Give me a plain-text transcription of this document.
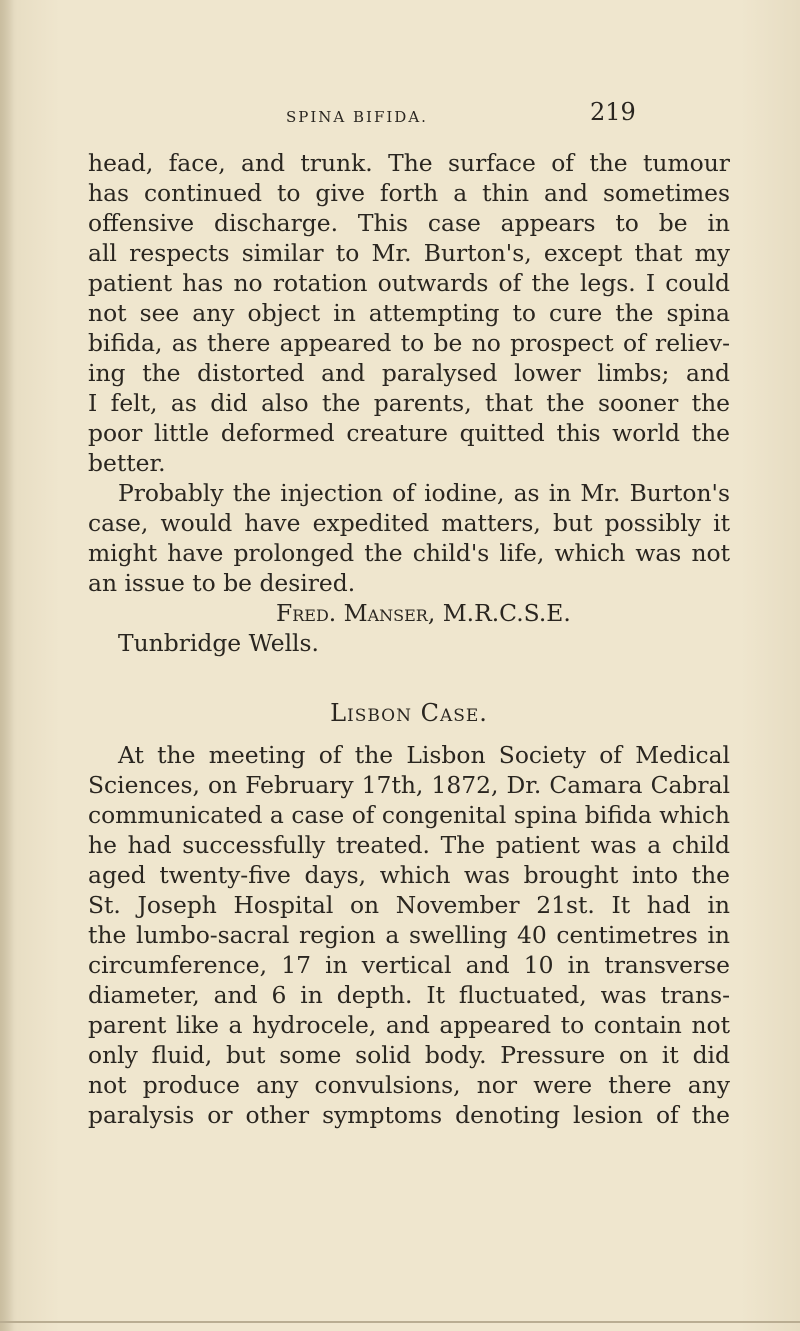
SPINA BIFIDA.	219
head, face, and trunk. The surface of the tumour
has continued to give forth a thin and sometimes
offensive discharge. This case appears to be in
all respects similar to Mr. Burton's, except that my
patient has no rotation outwards of the legs. I could
not see any object in attempting to cure the spina
bifida, as there appeared to be no prospect of reliev-
ing the distorted and paralysed lower limbs; and
I felt, as did also the parents, that the sooner the
poor little deformed creature quitted this world the
better.
Probably the injection of iodine, as in Mr. Burton's
case, would have expedited matters, but possibly it
might have prolonged the child's life, which was not
an issue to be desired.
Fred. Manser, M.R.C.S.E.
Tunbridge Wells.
Lisbon Case.
At the meeting of the Lisbon Society of Medical
Sciences, on February 17th, 1872, Dr. Camara Cabral
communicated a case of congenital spina bifida which
he had successfully treated. The patient was a child
aged twenty-five days, which was brought into the
St. Joseph Hospital on November 21st. It had in
the lumbo-sacral region a swelling 40 centimetres in
circumference, 17 in vertical and 10 in transverse
diameter, and 6 in depth. It fluctuated, was trans-
parent like a hydrocele, and appeared to contain not
only fluid, but some solid body. Pressure on it did
not produce any convulsions, nor were there any
paralysis or other symptoms denoting lesion of the
